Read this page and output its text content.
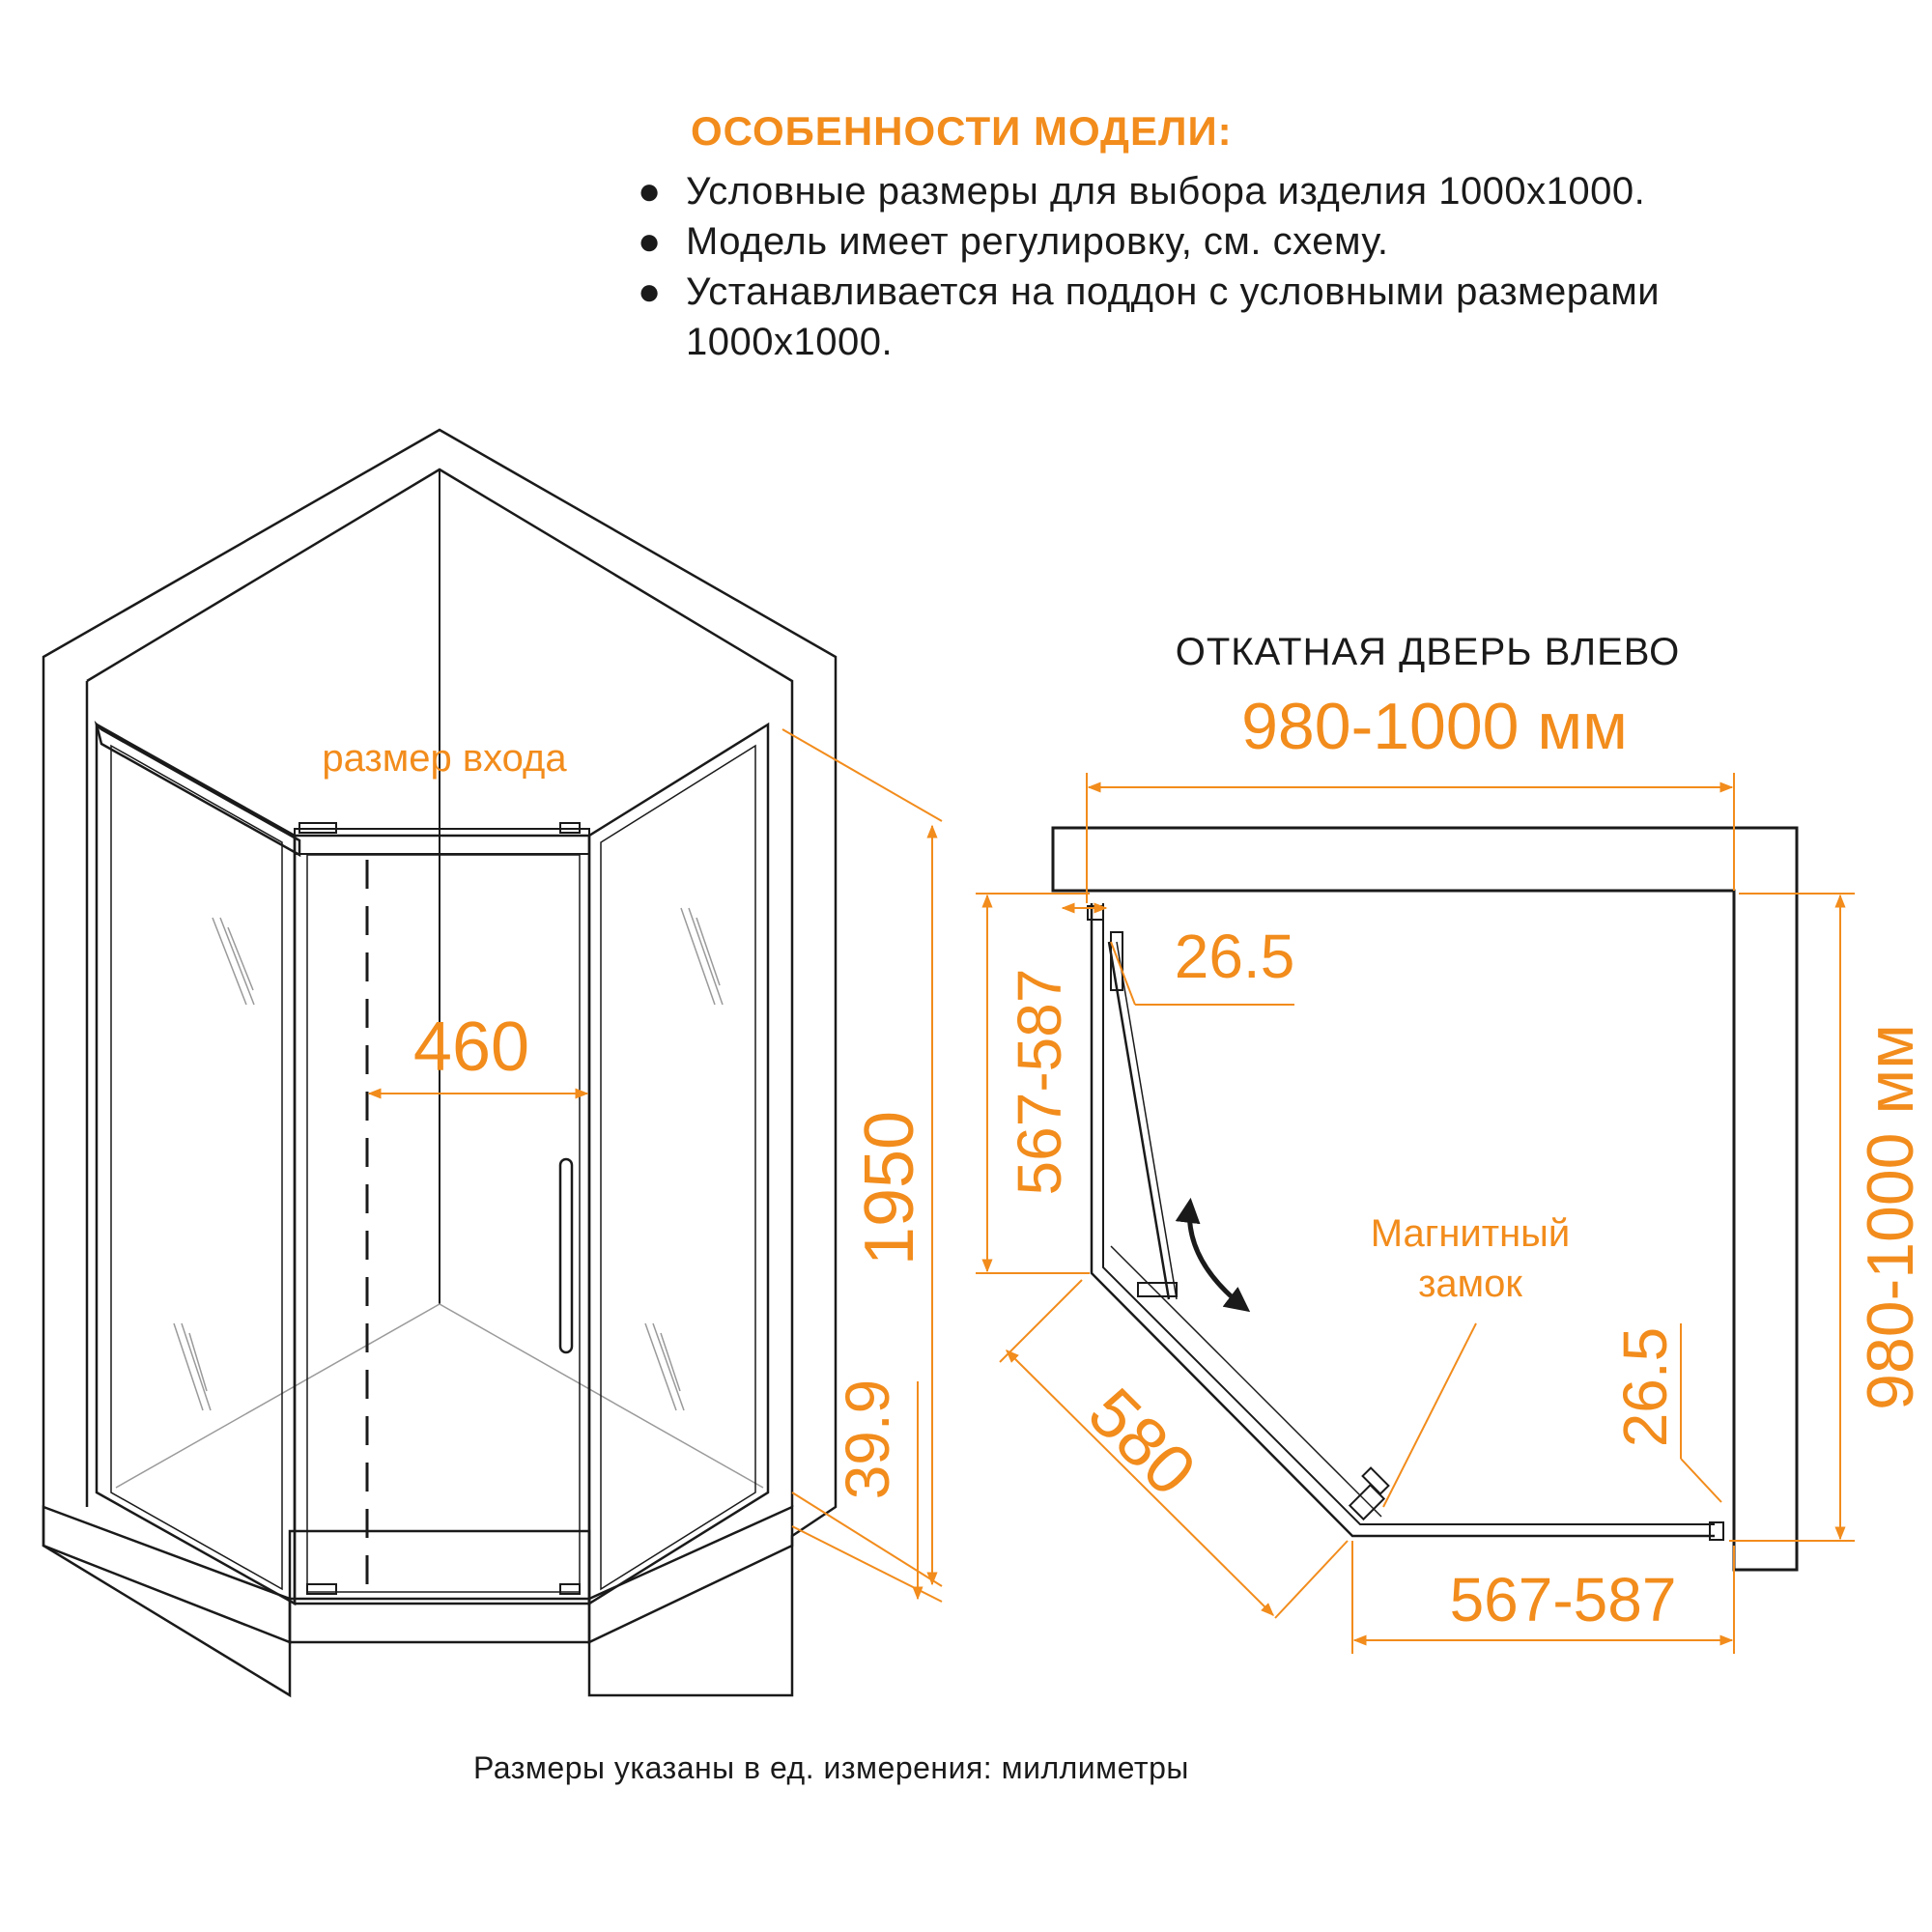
ОСОБЕННОСТИ МОДЕЛИ:
● Условные размеры для выбора изделия 1000х1000.
● Модель имеет регулировку, см. схему.
● Устанавливается на поддон с условными размерами
1000х1000.
размер входа
460
1950
39.9
ОТКАТНАЯ ДВЕРЬ ВЛЕВО
980-1000 мм
980-1000 мм
567-587
567-587
26.5
26.5
580
Магнитный
замок

Размеры указаны в ед. измерения: миллиметры
